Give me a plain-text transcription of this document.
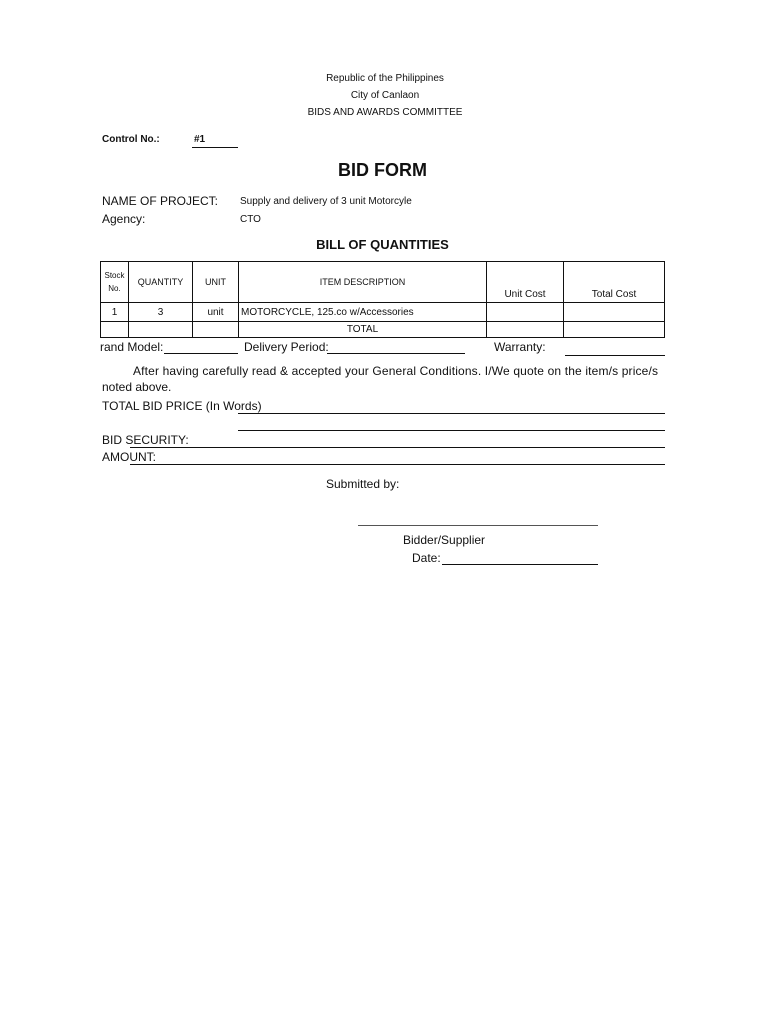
Republic of the Philippines
City of Canlaon
BIDS AND AWARDS COMMITTEE
Control No.:	#1
BID FORM
NAME OF PROJECT: Supply and delivery of 3 unit Motorcyle
Agency:	CTO
BILL OF QUANTITIES
Stock
No.	QUANTITY	UNIT	ITEM DESCRIPTION	Unit Cost	Total Cost
1	3	unit	MOTORCYCLE, 125.co w/Accessories		
			TOTAL		
rand Model:	Delivery Period:	Warranty:
After having carefully read & accepted your General Conditions. I/We quote on the item/s price/s
noted above.
TOTAL BID PRICE (In Words)
BID SECURITY:
AMOUNT:
Submitted by:
Bidder/Supplier
Date:
